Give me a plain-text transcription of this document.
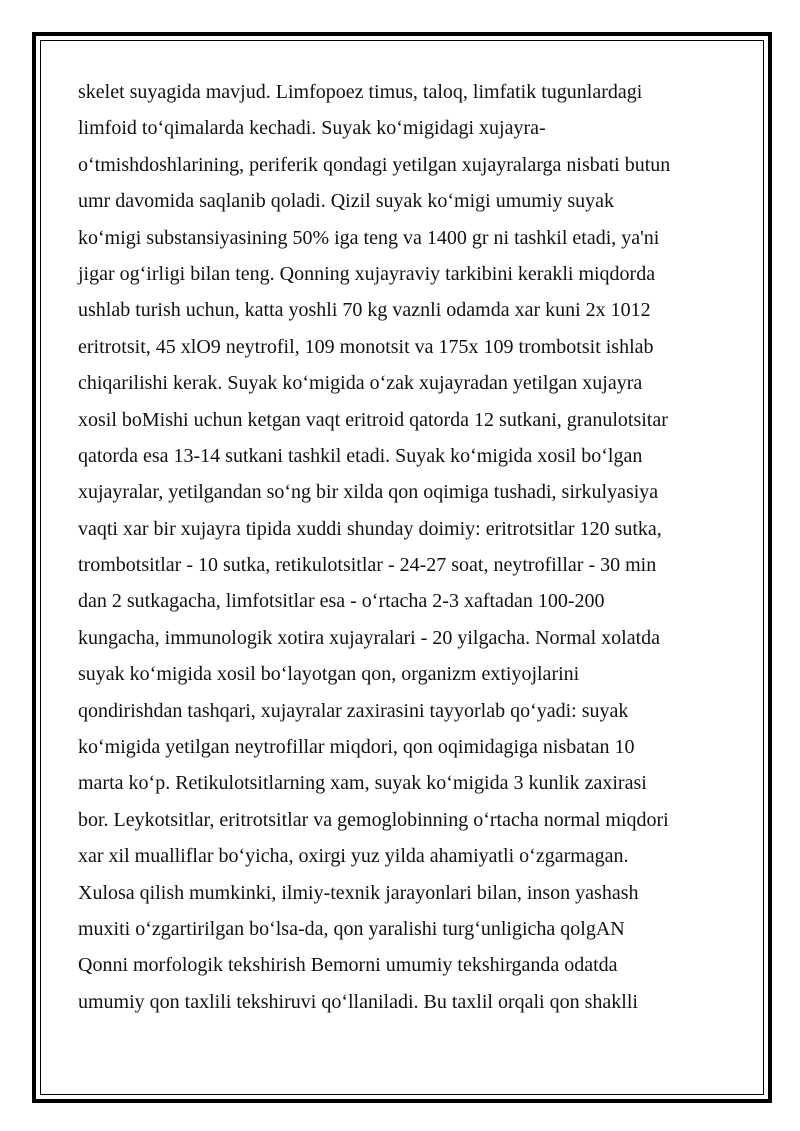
skelet suyagida mavjud. Limfopoez timus, taloq, limfatik tugunlardagi
limfoid to‘qimalarda kechadi. Suyak ko‘migidagi xujayra-
o‘tmishdoshlarining, periferik qondagi yetilgan xujayralarga nisbati butun
umr davomida saqlanib qoladi. Qizil suyak ko‘migi umumiy suyak
ko‘migi substansiyasining 50% iga teng va 1400 gr ni tashkil etadi, ya'ni
jigar og‘irligi bilan teng. Qonning xujayraviy tarkibini kerakli miqdorda
ushlab turish uchun, katta yoshli 70 kg vaznli odamda xar kuni 2x 1012
eritrotsit, 45 xlO9 neytrofil, 109 monotsit va 175x 109 trombotsit ishlab
chiqarilishi kerak. Suyak ko‘migida o‘zak xujayradan yetilgan xujayra
xosil boMishi uchun ketgan vaqt eritroid qatorda 12 sutkani, granulotsitar
qatorda esa 13-14 sutkani tashkil etadi. Suyak ko‘migida xosil bo‘lgan
xujayralar, yetilgandan so‘ng bir xilda qon oqimiga tushadi, sirkulyasiya
vaqti xar bir xujayra tipida xuddi shunday doimiy: eritrotsitlar 120 sutka,
trombotsitlar - 10 sutka, retikulotsitlar - 24-27 soat, neytrofillar - 30 min
dan 2 sutkagacha, limfotsitlar esa - o‘rtacha 2-3 xaftadan 100-200
kungacha, immunologik xotira xujayralari - 20 yilgacha. Normal xolatda
suyak ko‘migida xosil bo‘layotgan qon, organizm extiyojlarini
qondirishdan tashqari, xujayralar zaxirasini tayyorlab qo‘yadi: suyak
ko‘migida yetilgan neytrofillar miqdori, qon oqimidagiga nisbatan 10
marta ko‘p. Retikulotsitlarning xam, suyak ko‘migida 3 kunlik zaxirasi
bor. Leykotsitlar, eritrotsitlar va gemoglobinning o‘rtacha normal miqdori
xar xil mualliflar bo‘yicha, oxirgi yuz yilda ahamiyatli o‘zgarmagan.
Xulosa qilish mumkinki, ilmiy-texnik jarayonlari bilan, inson yashash
muxiti o‘zgartirilgan bo‘lsa-da, qon yaralishi turg‘unligicha qolgAN
Qonni morfologik tekshirish Bemorni umumiy tekshirganda odatda
umumiy qon taxlili tekshiruvi qo‘llaniladi. Bu taxlil orqali qon shaklli
